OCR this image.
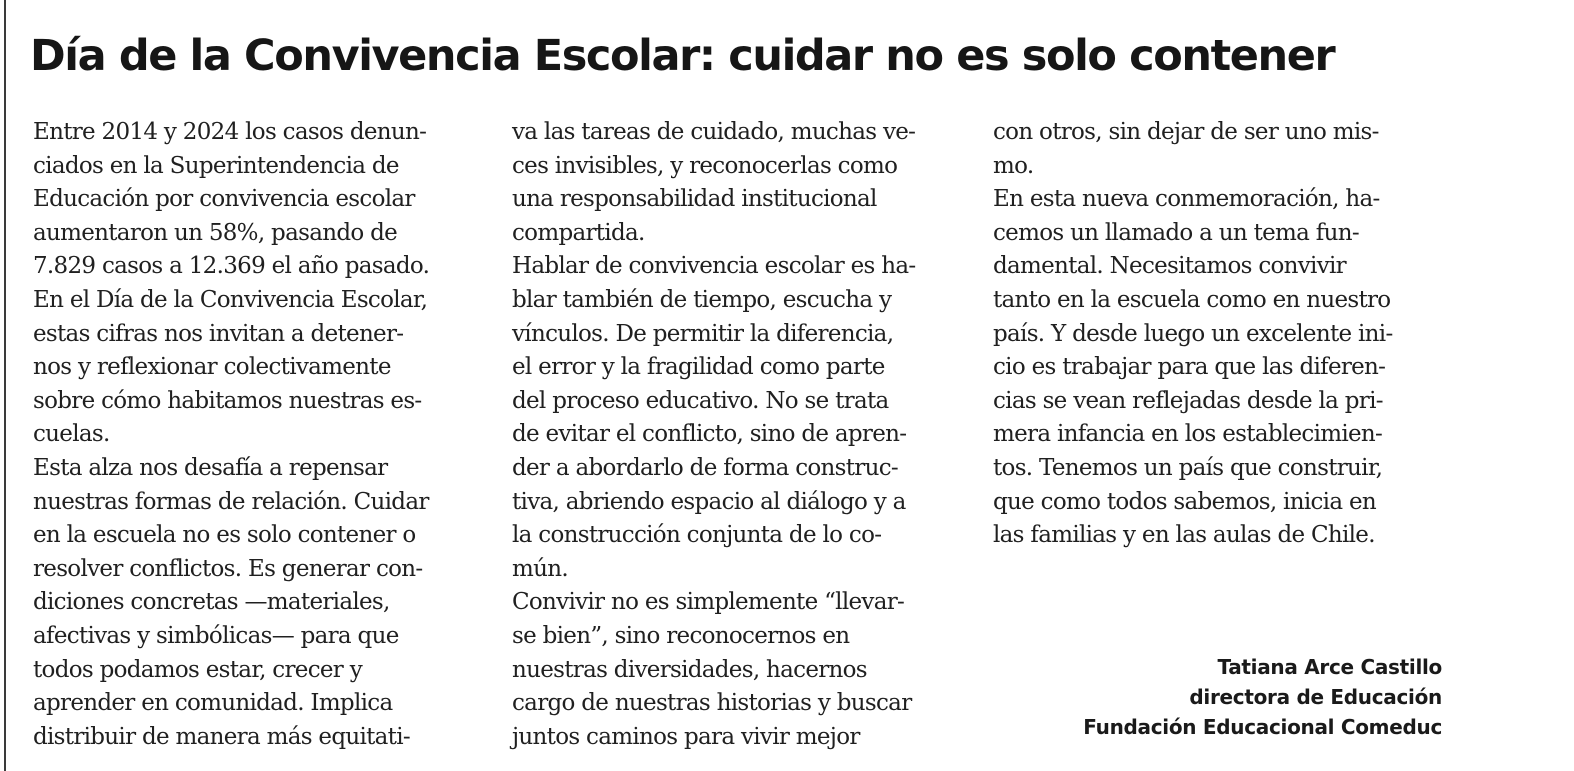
Día de la Convivencia Escolar: cuidar no es solo contener
Entre 2014 y 2024 los casos denun-
ciados en la Superintendencia de
Educación por convivencia escolar
aumentaron un 58%, pasando de
7.829 casos a 12.369 el año pasado.
En el Día de la Convivencia Escolar,
estas cifras nos invitan a detener-
nos y reflexionar colectivamente
sobre cómo habitamos nuestras es-
cuelas.
Esta alza nos desafía a repensar
nuestras formas de relación. Cuidar
en la escuela no es solo contener o
resolver conflictos. Es generar con-
diciones concretas —materiales,
afectivas y simbólicas— para que
todos podamos estar, crecer y
aprender en comunidad. Implica
distribuir de manera más equitati-
va las tareas de cuidado, muchas ve-
ces invisibles, y reconocerlas como
una responsabilidad institucional
compartida.
Hablar de convivencia escolar es ha-
blar también de tiempo, escucha y
vínculos. De permitir la diferencia,
el error y la fragilidad como parte
del proceso educativo. No se trata
de evitar el conflicto, sino de apren-
der a abordarlo de forma construc-
tiva, abriendo espacio al diálogo y a
la construcción conjunta de lo co-
mún.
Convivir no es simplemente “llevar-
se bien”, sino reconocernos en
nuestras diversidades, hacernos
cargo de nuestras historias y buscar
juntos caminos para vivir mejor
con otros, sin dejar de ser uno mis-
mo.
En esta nueva conmemoración, ha-
cemos un llamado a un tema fun-
damental. Necesitamos convivir
tanto en la escuela como en nuestro
país. Y desde luego un excelente ini-
cio es trabajar para que las diferen-
cias se vean reflejadas desde la pri-
mera infancia en los establecimien-
tos. Tenemos un país que construir,
que como todos sabemos, inicia en
las familias y en las aulas de Chile.
Tatiana Arce Castillo
directora de Educación
Fundación Educacional Comeduc
